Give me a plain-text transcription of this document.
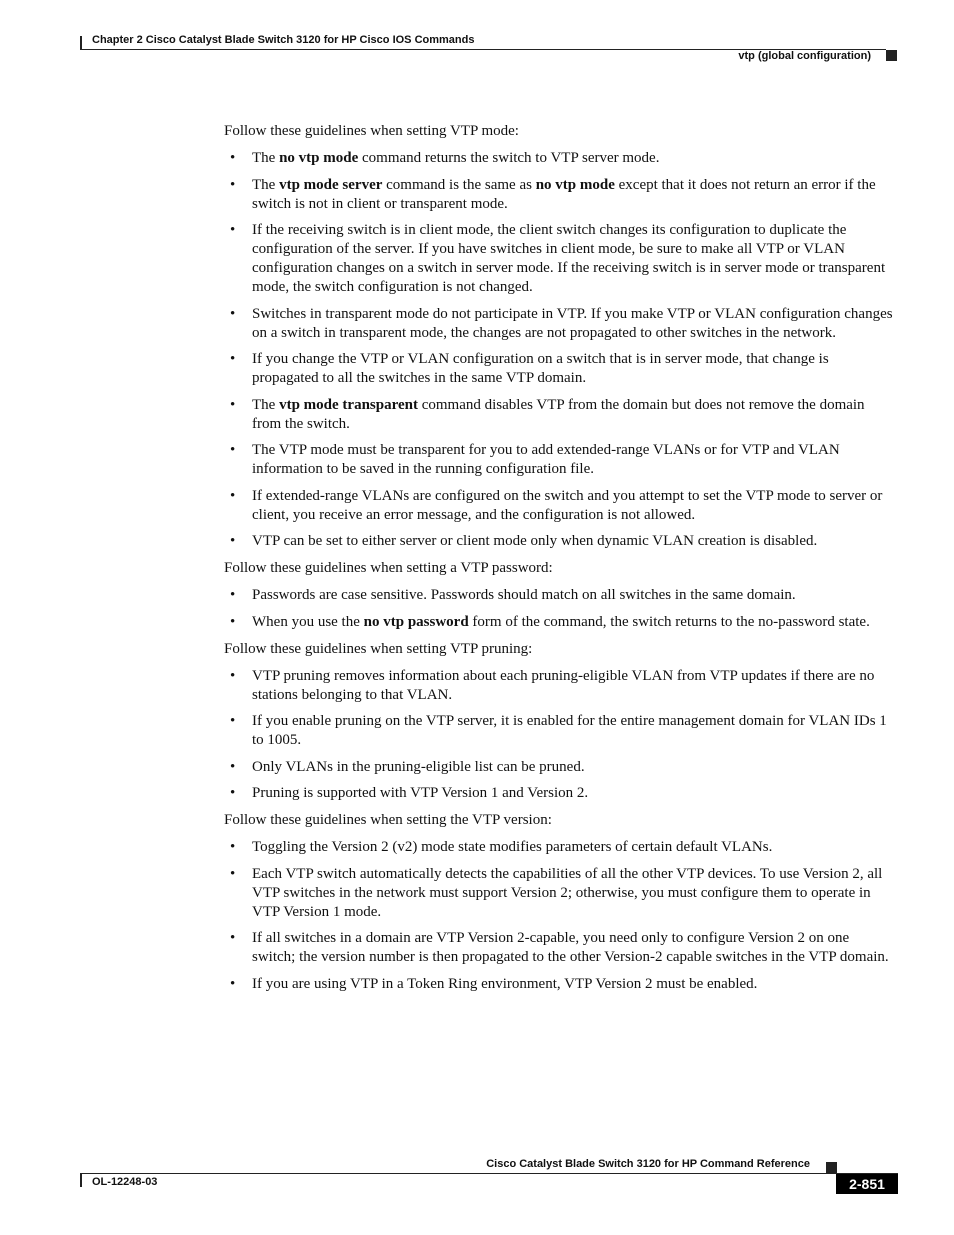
Chapter 2 Cisco Catalyst Blade Switch 3120 for HP Cisco IOS Commands
vtp (global configuration)

Follow these guidelines when setting VTP mode:

• The no vtp mode command returns the switch to VTP server mode.
• The vtp mode server command is the same as no vtp mode except that it does not return an error if the switch is not in client or transparent mode.
• If the receiving switch is in client mode, the client switch changes its configuration to duplicate the configuration of the server. If you have switches in client mode, be sure to make all VTP or VLAN configuration changes on a switch in server mode. If the receiving switch is in server mode or transparent mode, the switch configuration is not changed.
• Switches in transparent mode do not participate in VTP. If you make VTP or VLAN configuration changes on a switch in transparent mode, the changes are not propagated to other switches in the network.
• If you change the VTP or VLAN configuration on a switch that is in server mode, that change is propagated to all the switches in the same VTP domain.
• The vtp mode transparent command disables VTP from the domain but does not remove the domain from the switch.
• The VTP mode must be transparent for you to add extended-range VLANs or for VTP and VLAN information to be saved in the running configuration file.
• If extended-range VLANs are configured on the switch and you attempt to set the VTP mode to server or client, you receive an error message, and the configuration is not allowed.
• VTP can be set to either server or client mode only when dynamic VLAN creation is disabled.

Follow these guidelines when setting a VTP password:

• Passwords are case sensitive. Passwords should match on all switches in the same domain.
• When you use the no vtp password form of the command, the switch returns to the no-password state.

Follow these guidelines when setting VTP pruning:

• VTP pruning removes information about each pruning-eligible VLAN from VTP updates if there are no stations belonging to that VLAN.
• If you enable pruning on the VTP server, it is enabled for the entire management domain for VLAN IDs 1 to 1005.
• Only VLANs in the pruning-eligible list can be pruned.
• Pruning is supported with VTP Version 1 and Version 2.

Follow these guidelines when setting the VTP version:

• Toggling the Version 2 (v2) mode state modifies parameters of certain default VLANs.
• Each VTP switch automatically detects the capabilities of all the other VTP devices. To use Version 2, all VTP switches in the network must support Version 2; otherwise, you must configure them to operate in VTP Version 1 mode.
• If all switches in a domain are VTP Version 2-capable, you need only to configure Version 2 on one switch; the version number is then propagated to the other Version-2 capable switches in the VTP domain.
• If you are using VTP in a Token Ring environment, VTP Version 2 must be enabled.
Cisco Catalyst Blade Switch 3120 for HP Command Reference
OL-12248-03	2-851
